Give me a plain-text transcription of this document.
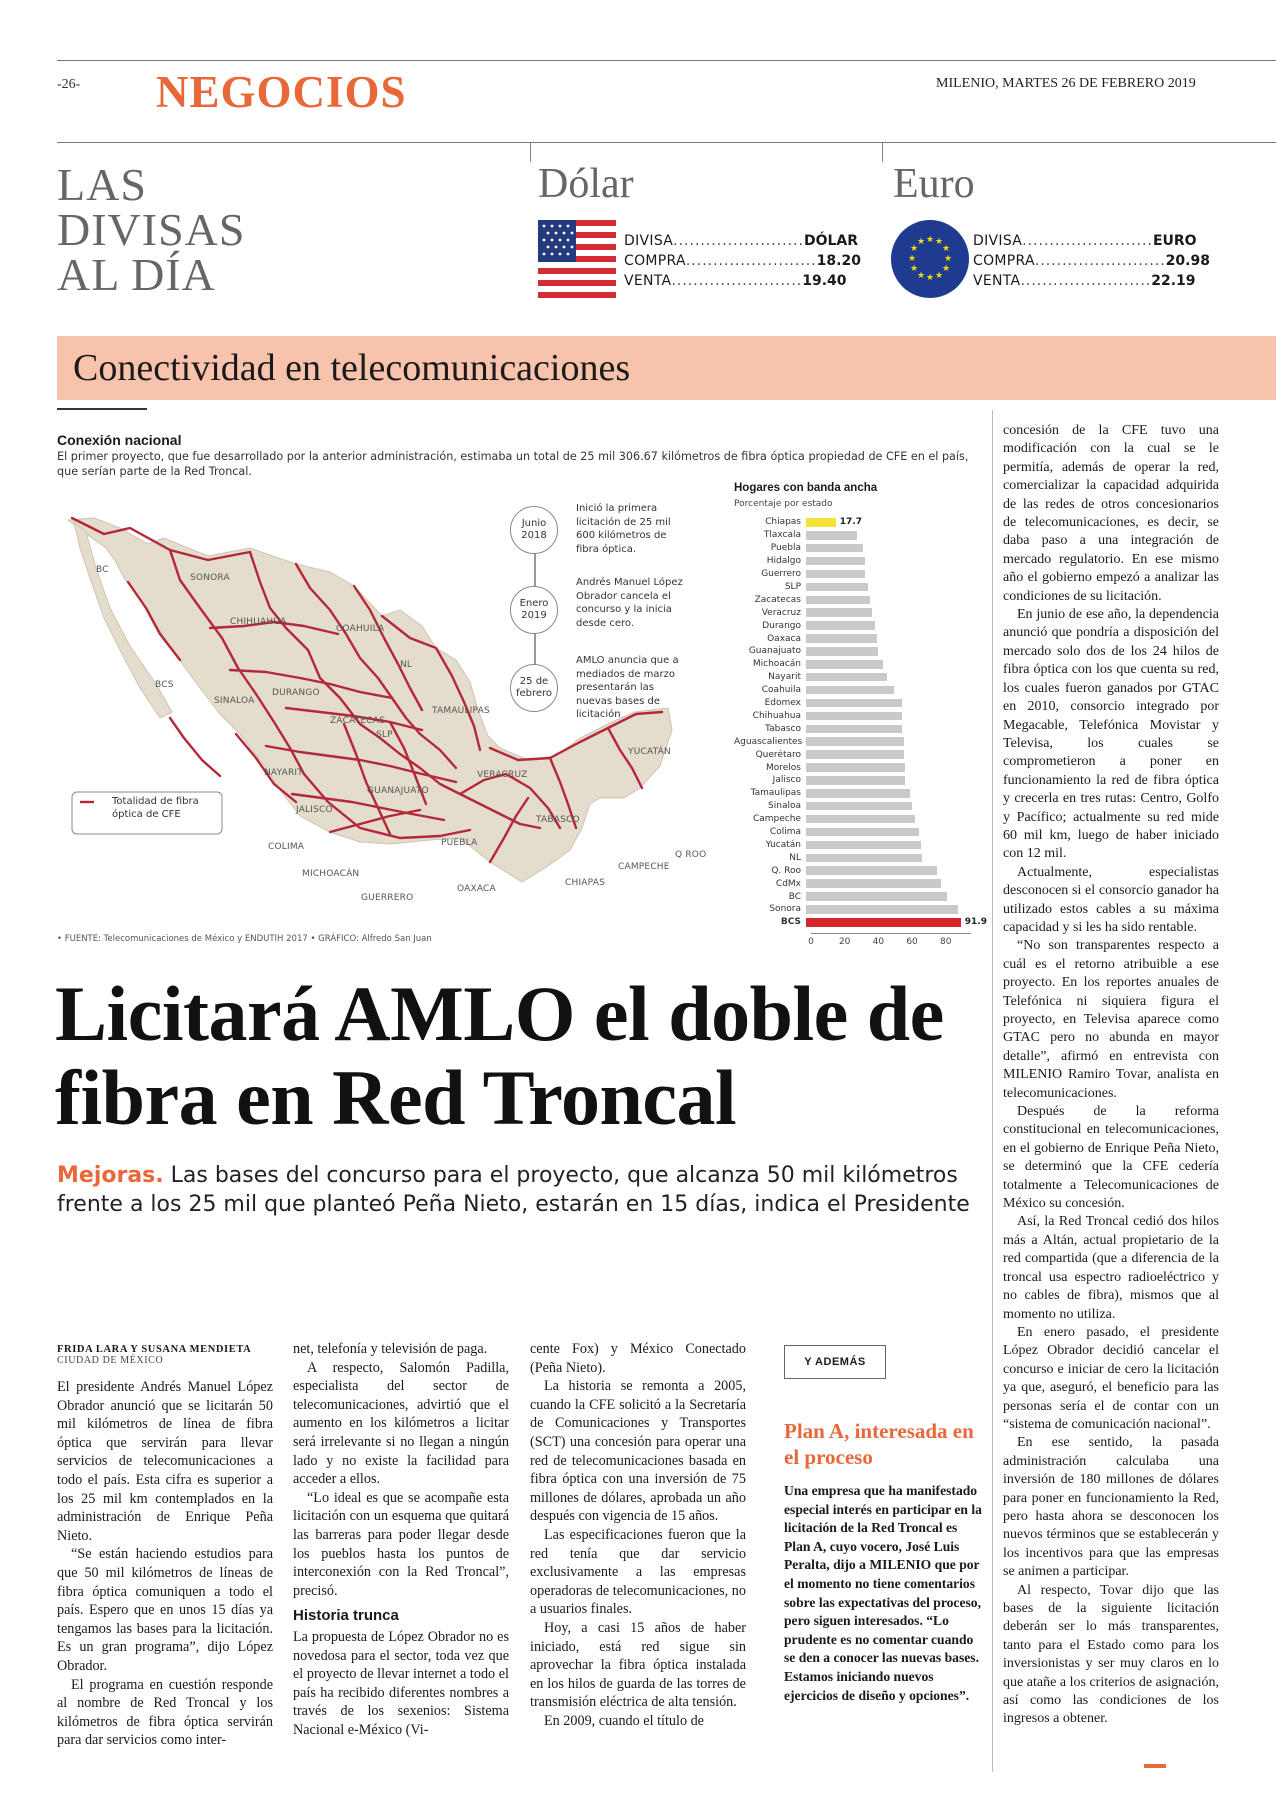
-26- NEGOCIOS	MILENIO, MARTES 26 DE FEBRERO 2019
LAS
DIVISAS
AL DÍA
Dólar
DIVISA ........................ DÓLAR
COMPRA ........................ 18.20
VENTA ........................ 19.40
Euro
★ ★
★
★
★
★
★
★
★
★
★
★	DIVISA ........................ EURO
COMPRA ........................ 20.98
VENTA ........................ 22.19
Conectividad en telecomunicaciones
Conexión nacional
El primer proyecto, que fue desarrollado por la anterior administración, estimaba un total de 25 mil 306.67 kilómetros de fibra óptica propiedad de CFE en el país, que serían parte de la Red Troncal.
Totalidad de fibra óptica de CFE
BC
SONORA
CHIHUAHUA
COAHUILA
BCS
SINALOA
DURANGO
NL
TAMAULIPAS
ZACATECAS
SLP
NAYARIT
GUANAJUATO
VERACRUZ
JALISCO
COLIMA
MICHOACÁN
GUERRERO
PUEBLA
OAXACA
TABASCO
CHIAPAS
CAMPECHE
YUCATÁN
Q ROO
Junio 2018
Inició la primera licitación de 25 mil 600 kilómetros de fibra óptica.
Enero 2019
Andrés Manuel López Obrador cancela el concurso y la inicia desde cero.
25 de febrero
AMLO anuncia que a mediados de marzo presentarán las nuevas bases de licitación
Hogares con banda ancha
Porcentaje por estado
Chiapas	17.7
Tlaxcala
Puebla
Hidalgo
Guerrero
SLP
Zacatecas
Veracruz
Durango
Oaxaca
Guanajuato
Michoacán
Nayarit
Coahuila
Edomex
Chihuahua
Tabasco
Aguascalientes
Querétaro
Morelos
Jalisco
Tamaulipas
Sinaloa
Campeche
Colima
Yucatán
NL
Q. Roo
CdMx
BC
Sonora
BCS	91.9
0	20 40 60 80
• FUENTE: Telecomunicaciones de México y ENDUTIH 2017 • GRÁFICO: Alfredo San Juan
Licitará AMLO el doble de fibra en Red Troncal
Mejoras. Las bases del concurso para el proyecto, que alcanza 50 mil kilómetros frente a los 25 mil que planteó Peña Nieto, estarán en 15 días, indica el Presidente
FRIDA LARA Y SUSANA MENDIETA
CIUDAD DE MÉXICO

El presidente Andrés Manuel López Obrador anunció que se licitarán 50 mil kilómetros de línea de fibra óptica que servirán para llevar servicios de telecomunicaciones a todo el país. Esta cifra es superior a los 25 mil km contemplados en la administración de Enrique Peña Nieto.

“Se están haciendo estudios para que 50 mil kilómetros de líneas de fibra óptica comuniquen a todo el país. Espero que en unos 15 días ya tengamos las bases para la licitación. Es un gran programa”, dijo López Obrador.

El programa en cuestión responde al nombre de Red Troncal y los kilómetros de fibra óptica servirán para dar servicios como inter-

net, telefonía y televisión de paga.

A respecto, Salomón Padilla, especialista del sector de telecomunicaciones, advirtió que el aumento en los kilómetros a licitar será irrelevante si no llegan a ningún lado y no existe la facilidad para acceder a ellos.

“Lo ideal es que se acompañe esta licitación con un esquema que quitará las barreras para poder llegar desde los pueblos hasta los puntos de interconexión con la Red Troncal”, precisó.

Historia trunca

La propuesta de López Obrador no es novedosa para el sector, toda vez que el proyecto de llevar internet a todo el país ha recibido diferentes nombres a través de los sexenios: Sistema Nacional e-México (Vi-

cente Fox) y México Conectado (Peña Nieto).

La historia se remonta a 2005, cuando la CFE solicitó a la Secretaría de Comunicaciones y Transportes (SCT) una concesión para operar una red de telecomunicaciones basada en fibra óptica con una inversión de 75 millones de dólares, aprobada un año después con vigencia de 15 años.

Las especificaciones fueron que la red tenía que dar servicio exclusivamente a las empresas operadoras de telecomunicaciones, no a usuarios finales.

Hoy, a casi 15 años de haber iniciado, está red sigue sin aprovechar la fibra óptica instalada en los hilos de guarda de las torres de transmisión eléctrica de alta tensión.

En 2009, cuando el título de

Y ADEMÁS
Plan A, interesada en el proceso
Una empresa que ha manifestado especial interés en participar en la licitación de la Red Troncal es Plan A, cuyo vocero, José Luis Peralta, dijo a MILENIO que por el momento no tiene comentarios sobre las expectativas del proceso, pero siguen interesados. “Lo prudente es no comentar cuando se den a conocer las nuevas bases. Estamos iniciando nuevos ejercicios de diseño y opciones”.

concesión de la CFE tuvo una modificación con la cual se le permitía, además de operar la red, comercializar la capacidad adquirida de las redes de otros concesionarios de telecomunicaciones, es decir, se daba paso a una integración de mercado regulatorio. En ese mismo año el gobierno empezó a analizar las condiciones de su licitación.

En junio de ese año, la dependencia anunció que pondría a disposición del mercado solo dos de los 24 hilos de fibra óptica con los que cuenta su red, los cuales fueron ganados por GTAC en 2010, consorcio integrado por Megacable, Telefónica Movistar y Televisa, los cuales se comprometieron a poner en funcionamiento la red de fibra óptica y crecerla en tres rutas: Centro, Golfo y Pacífico; actualmente su red mide 60 mil km, luego de haber iniciado con 12 mil.

Actualmente, especialistas desconocen si el consorcio ganador ha utilizado estos cables a su máxima capacidad y si les ha sido rentable.

“No son transparentes respecto a cuál es el retorno atribuible a ese proyecto. En los reportes anuales de Telefónica ni siquiera figura el proyecto, en Televisa aparece como GTAC pero no abunda en mayor detalle”, afirmó en entrevista con MILENIO Ramiro Tovar, analista en telecomunicaciones.

Después de la reforma constitucional en telecomunicaciones, en el gobierno de Enrique Peña Nieto, se determinó que la CFE cedería totalmente a Telecomunicaciones de México su concesión.

Así, la Red Troncal cedió dos hilos más a Altán, actual propietario de la red compartida (que a diferencia de la troncal usa espectro radioeléctrico y no cables de fibra), mismos que al momento no utiliza.

En enero pasado, el presidente López Obrador decidió cancelar el concurso e iniciar de cero la licitación ya que, aseguró, el beneficio para las personas sería el de contar con un “sistema de comunicación nacional”.

En ese sentido, la pasada administración calculaba una inversión de 180 millones de dólares para poner en funcionamiento la Red, pero hasta ahora se desconocen los nuevos términos que se establecerán y los incentivos para que las empresas se animen a participar.

Al respecto, Tovar dijo que las bases de la siguiente licitación deberán ser lo más transparentes, tanto para el Estado como para los inversionistas y ser muy claros en lo que atañe a los criterios de asignación, así como las condiciones de los ingresos a obtener.
